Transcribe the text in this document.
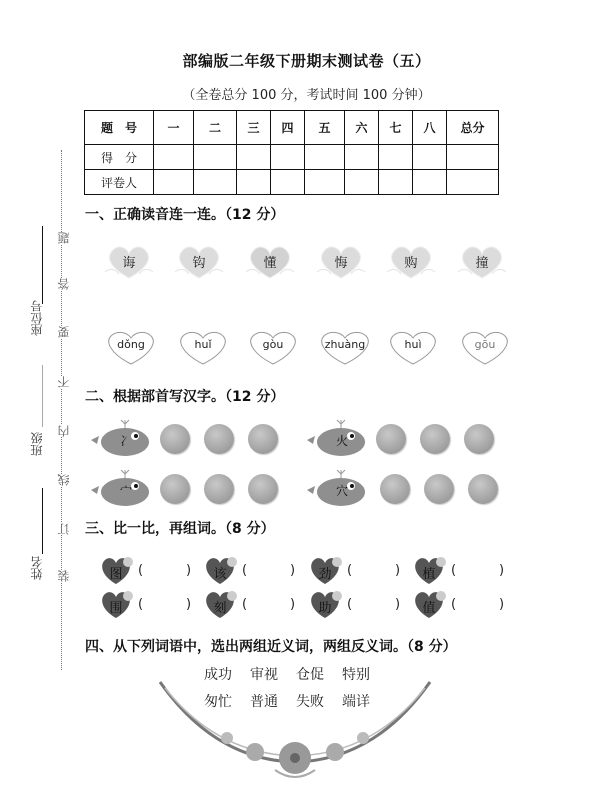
部编版二年级下册期末测试卷（五）
（全卷总分 100 分，考试时间 100 分钟）
题　号	一	二	三	四	五	六	七	八	总分
得　分									
评卷人									
座位号
班级
姓名
题
答
要
不
内
线
订
装
一、正确读音连一连。（12 分）
诲	钩	懂	悔	购	撞
dǒng	huǐ	gòu	zhuàng	huì	gōu
二、根据部首写汉字。（12 分）
冫	火
宀	穴
三、比一比，再组词。（8 分）
图	(	)	该	(	)	劲	(	)	植	(	)
围	(	)	刻	(	)	助	(	)	值	(	)
四、从下列词语中，选出两组近义词，两组反义词。（8 分）
成功 审视 仓促 特别
匆忙 普通 失败 端详
